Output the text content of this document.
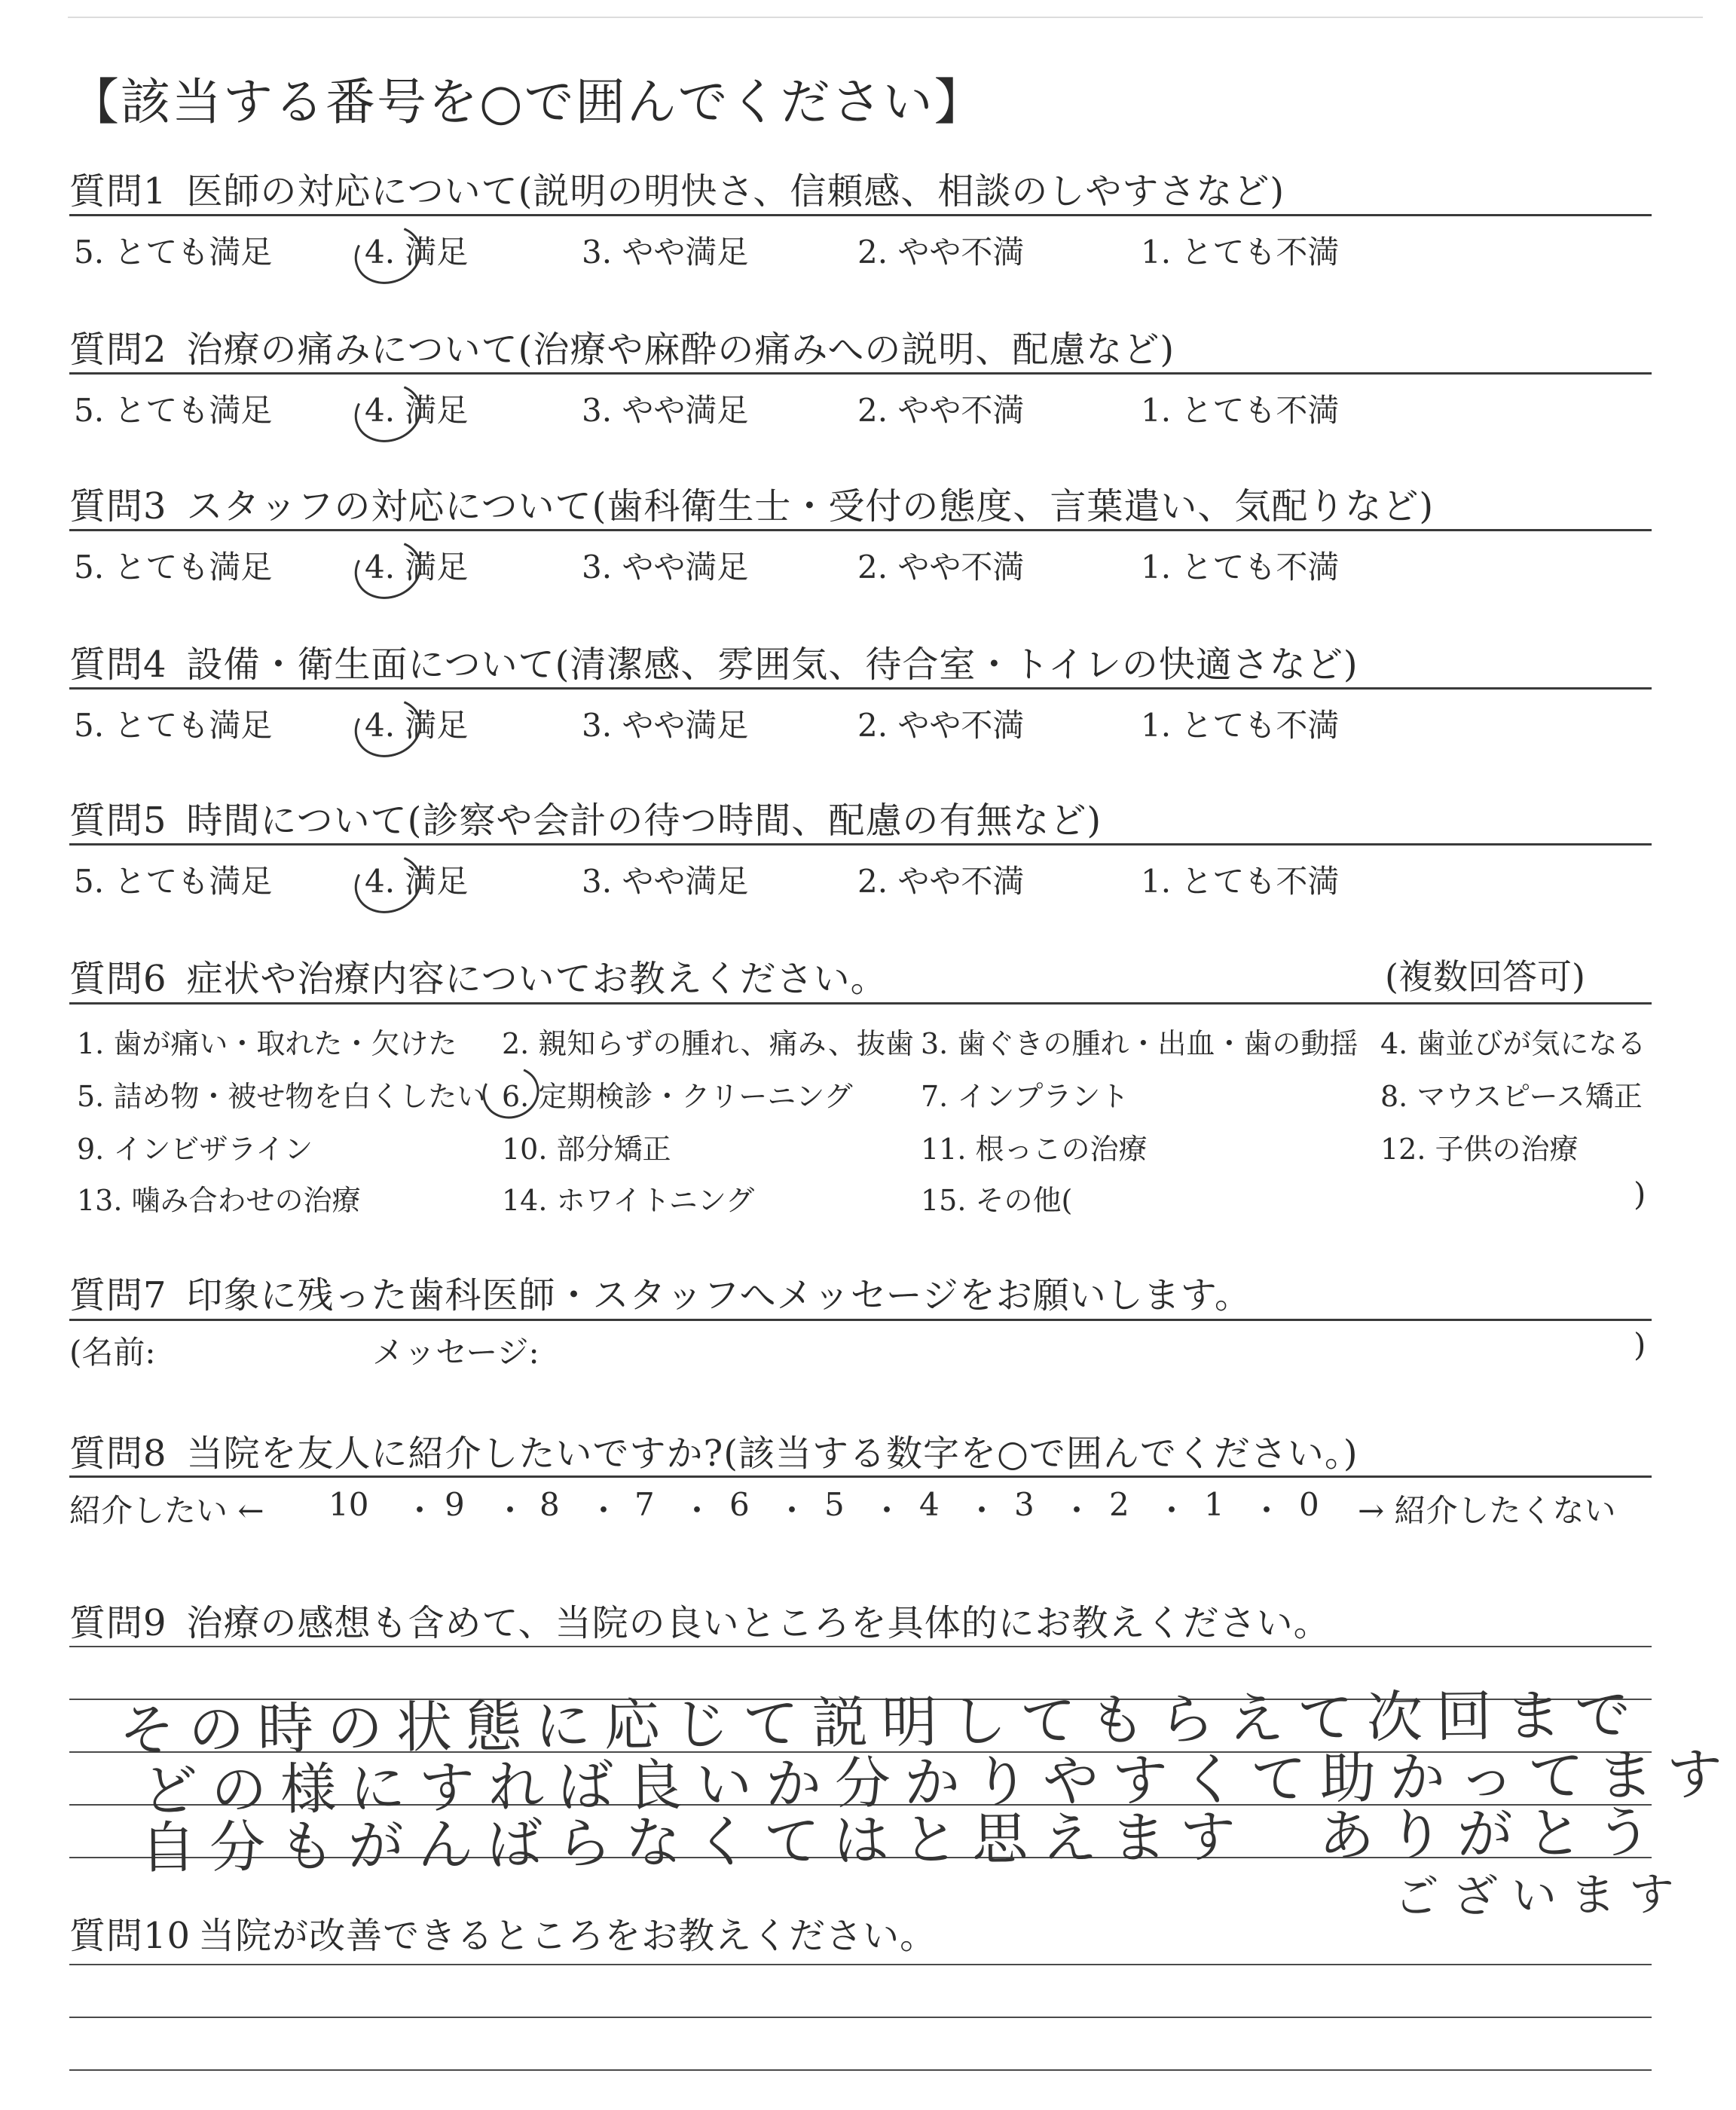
【該当する番号を○で囲んでください】
質問1 医師の対応について(説明の明快さ、信頼感、相談のしやすさなど)
5. とても満足	4. 満足	3. やや満足	2. やや不満	1. とても不満
質問2 治療の痛みについて(治療や麻酔の痛みへの説明、配慮など)
5. とても満足	4. 満足	3. やや満足	2. やや不満	1. とても不満
質問3 スタッフの対応について(歯科衛生士・受付の態度、言葉遣い、気配りなど)
5. とても満足	4. 満足	3. やや満足	2. やや不満	1. とても不満
質問4 設備・衛生面について(清潔感、雰囲気、待合室・トイレの快適さなど)
5. とても満足	4. 満足	3. やや満足	2. やや不満	1. とても不満
質問5 時間について(診察や会計の待つ時間、配慮の有無など)
5. とても満足	4. 満足	3. やや満足	2. やや不満	1. とても不満
質問6 症状や治療内容についてお教えください。	(複数回答可)
1. 歯が痛い・取れた・欠けた 2. 親知らずの腫れ、痛み、抜歯 3. 歯ぐきの腫れ・出血・歯の動揺 4. 歯並びが気になる
5. 詰め物・被せ物を白くしたい 6. 定期検診・クリーニング 7. インプラント	8. マウスピース矯正
9. インビザライン	10. 部分矯正	11. 根っこの治療	12. 子供の治療
13. 噛み合わせの治療	14. ホワイトニング	15. その他(	)
質問7 印象に残った歯科医師・スタッフへメッセージをお願いします。
(名前:	メッセージ:	)
質問8 当院を友人に紹介したいですか?(該当する数字を○で囲んでください。)
紹介したい ← 10 ・ 9 ・ 8 ・ 7 ・ 6 ・ 5 ・ 4 ・ 3 ・ 2 ・ 1 ・ 0 → 紹介したくない
質問9 治療の感想も含めて、当院の良いところを具体的にお教えください。
その時の状態に応じて説明してもらえて次回まで
どの様にすれば良いか分かりやすくて助かってます
自分もがんばらなくてはと思えます　ありがとう
ございます
質問10 当院が改善できるところをお教えください。
